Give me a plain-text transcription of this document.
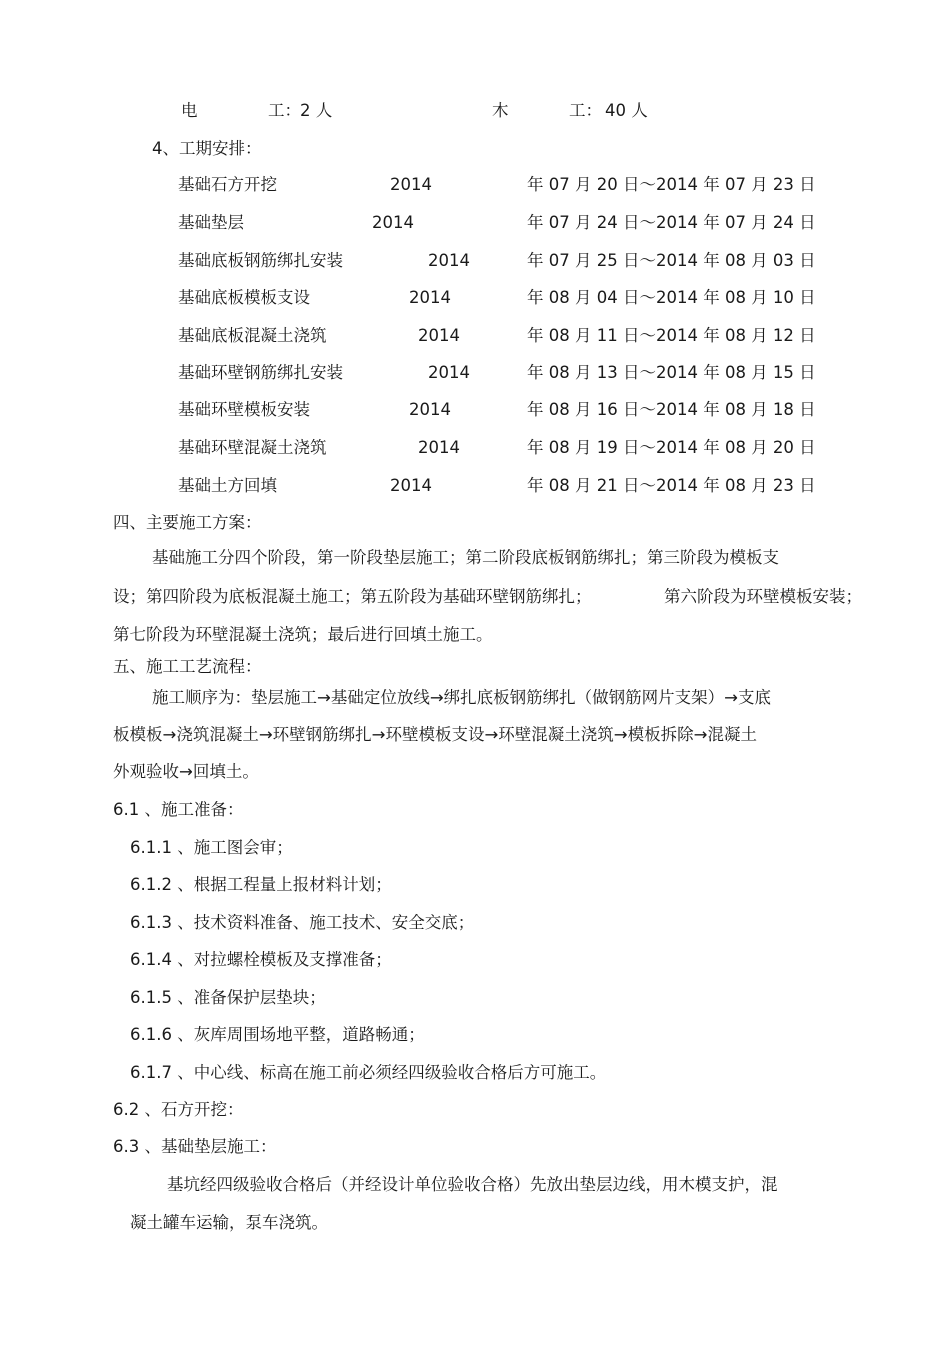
电	工： 2 人	木	工： 40 人
4、工期安排：
基础石方开挖	2014	年 07 月 20 日～2014 年 07 月 23 日
基础垫层	2014	年 07 月 24 日～2014 年 07 月 24 日
基础底板钢筋绑扎安装	2014	年 07 月 25 日～2014 年 08 月 03 日
基础底板模板支设	2014	年 08 月 04 日～2014 年 08 月 10 日
基础底板混凝土浇筑	2014	年 08 月 11 日～2014 年 08 月 12 日
基础环壁钢筋绑扎安装	2014	年 08 月 13 日～2014 年 08 月 15 日
基础环壁模板安装	2014	年 08 月 16 日～2014 年 08 月 18 日
基础环壁混凝土浇筑	2014	年 08 月 19 日～2014 年 08 月 20 日
基础土方回填	2014	年 08 月 21 日～2014 年 08 月 23 日
四、主要施工方案：
基础施工分四个阶段，第一阶段垫层施工；第二阶段底板钢筋绑扎；第三阶段为模板支
设；第四阶段为底板混凝土施工；第五阶段为基础环壁钢筋绑扎；	第六阶段为环壁模板安装；
第七阶段为环壁混凝土浇筑；最后进行回填土施工。
五、施工工艺流程：
施工顺序为：垫层施工→基础定位放线→绑扎底板钢筋绑扎（做钢筋网片支架）→支底
板模板→浇筑混凝土→环壁钢筋绑扎→环壁模板支设→环壁混凝土浇筑→模板拆除→混凝土
外观验收→回填土。
6.1 、施工准备：
6.1.1 、施工图会审；
6.1.2 、根据工程量上报材料计划；
6.1.3 、技术资料准备、施工技术、安全交底；
6.1.4 、对拉螺栓模板及支撑准备；
6.1.5 、准备保护层垫块；
6.1.6 、灰库周围场地平整，道路畅通；
6.1.7 、中心线、标高在施工前必须经四级验收合格后方可施工。
6.2 、石方开挖：
6.3 、基础垫层施工：
基坑经四级验收合格后（并经设计单位验收合格）先放出垫层边线，用木模支护，混
凝土罐车运输，泵车浇筑。
